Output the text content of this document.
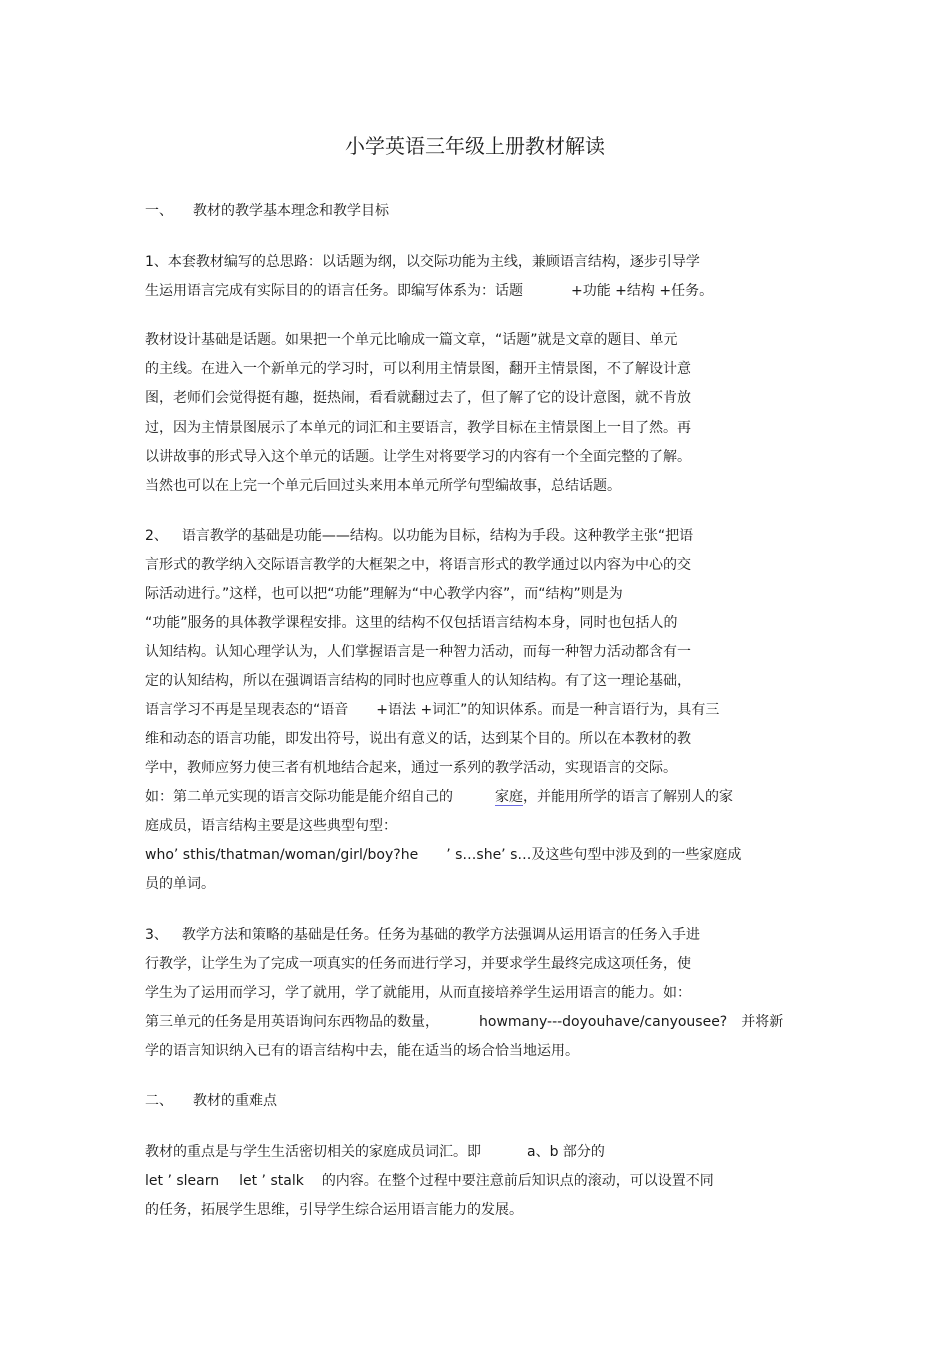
小学英语三年级上册教材解读
一、 教材的教学基本理念和教学目标
1、本套教材编写的总思路：以话题为纲，以交际功能为主线，兼顾语言结构，逐步引导学
生运用语言完成有实际目的的语言任务。即编写体系为：话题	+功能 +结构 +任务。
教材设计基础是话题。如果把一个单元比喻成一篇文章，“话题”就是文章的题目、单元
的主线。在进入一个新单元的学习时，可以利用主情景图，翻开主情景图，不了解设计意
图，老师们会觉得挺有趣，挺热闹，看看就翻过去了，但了解了它的设计意图，就不肯放
过，因为主情景图展示了本单元的词汇和主要语言，教学目标在主情景图上一目了然。再
以讲故事的形式导入这个单元的话题。让学生对将要学习的内容有一个全面完整的了解。
当然也可以在上完一个单元后回过头来用本单元所学句型编故事，总结话题。
2、 语言教学的基础是功能——结构。以功能为目标，结构为手段。这种教学主张“把语
言形式的教学纳入交际语言教学的大框架之中，将语言形式的教学通过以内容为中心的交
际活动进行。”这样，也可以把“功能”理解为“中心教学内容”，而“结构”则是为
“功能”服务的具体教学课程安排。这里的结构不仅包括语言结构本身，同时也包括人的
认知结构。认知心理学认为，人们掌握语言是一种智力活动，而每一种智力活动都含有一
定的认知结构，所以在强调语言结构的同时也应尊重人的认知结构。有了这一理论基础，
语言学习不再是呈现表态的“语音 +语法 +词汇”的知识体系。而是一种言语行为，具有三
维和动态的语言功能，即发出符号，说出有意义的话，达到某个目的。所以在本教材的教
学中，教师应努力使三者有机地结合起来，通过一系列的教学活动，实现语言的交际。
如：第二单元实现的语言交际功能是能介绍自己的	家庭，并能用所学的语言了解别人的家
庭成员，语言结构主要是这些典型句型：
who’ sthis/thatman/woman/girl/boy?he ’ s…she’ s…及这些句型中涉及到的一些家庭成
员的单词。
3、 教学方法和策略的基础是任务。任务为基础的教学方法强调从运用语言的任务入手进
行教学，让学生为了完成一项真实的任务而进行学习，并要求学生最终完成这项任务，使
学生为了运用而学习，学了就用，学了就能用，从而直接培养学生运用语言的能力。如：
第三单元的任务是用英语询问东西物品的数量，	howmany---doyouhave/canyousee? 并将新
学的语言知识纳入已有的语言结构中去，能在适当的场合恰当地运用。
二、 教材的重难点
教材的重点是与学生生活密切相关的家庭成员词汇。即	a、b 部分的
let ’ slearn let ’ stalk 的内容。在整个过程中要注意前后知识点的滚动，可以设置不同
的任务，拓展学生思维，引导学生综合运用语言能力的发展。
